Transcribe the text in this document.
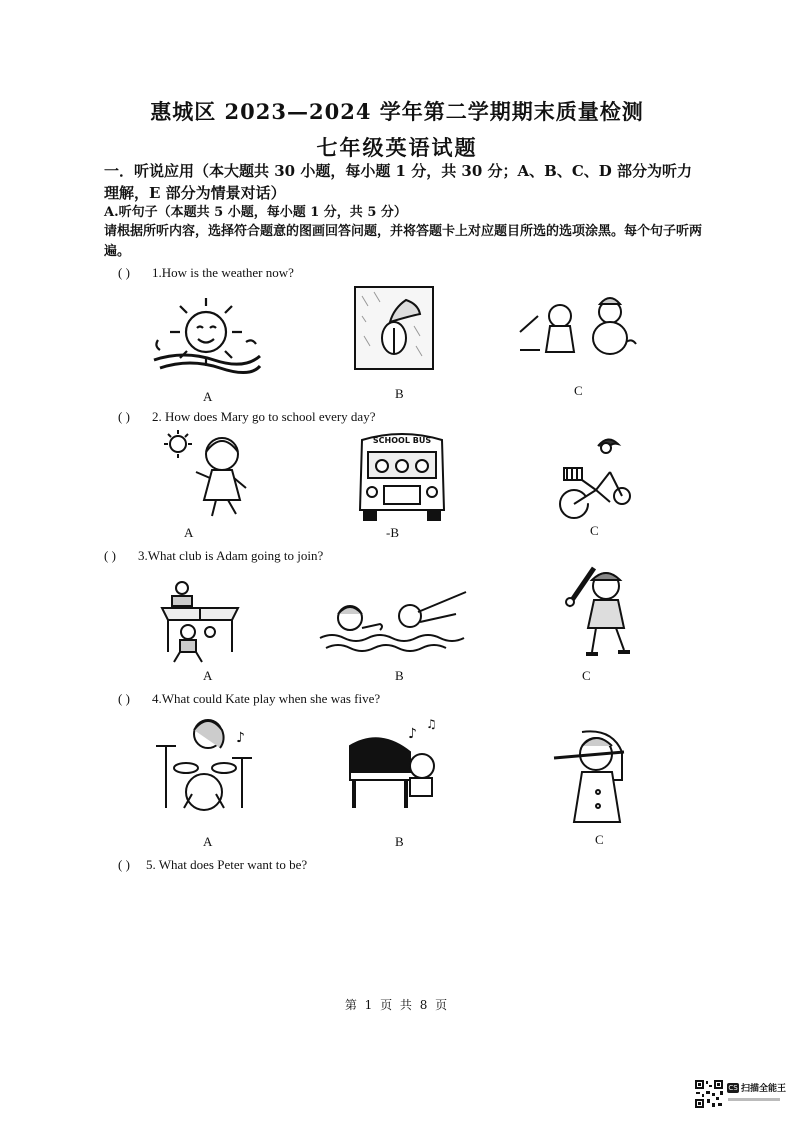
惠城区 2023—2024 学年第二学期期末质量检测
七年级英语试题
一．听说应用（本大题共 30 小题，每小题 1 分，共 30 分；A、B、C、D 部分为听力理解，E 部分为情景对话）
A.听句子（本题共 5 小题，每小题 1 分，共 5 分）
请根据所听内容，选择符合题意的图画回答问题，并将答题卡上对应题目所选的选项涂黑。每个句子听两遍。
( ) 1.How is the weather now?
A	B	C
( ) 2. How does Mary go to school every day?
SCHOOL BUS
A	-B	C
( ) 3.What club is Adam going to join?
A	B	C
( ) 4.What could Kate play when she was five?
♪	♪
♫
A	B	C
( ) 5. What does Peter want to be?
第 1 页 共 8 页
CS 扫描全能王
